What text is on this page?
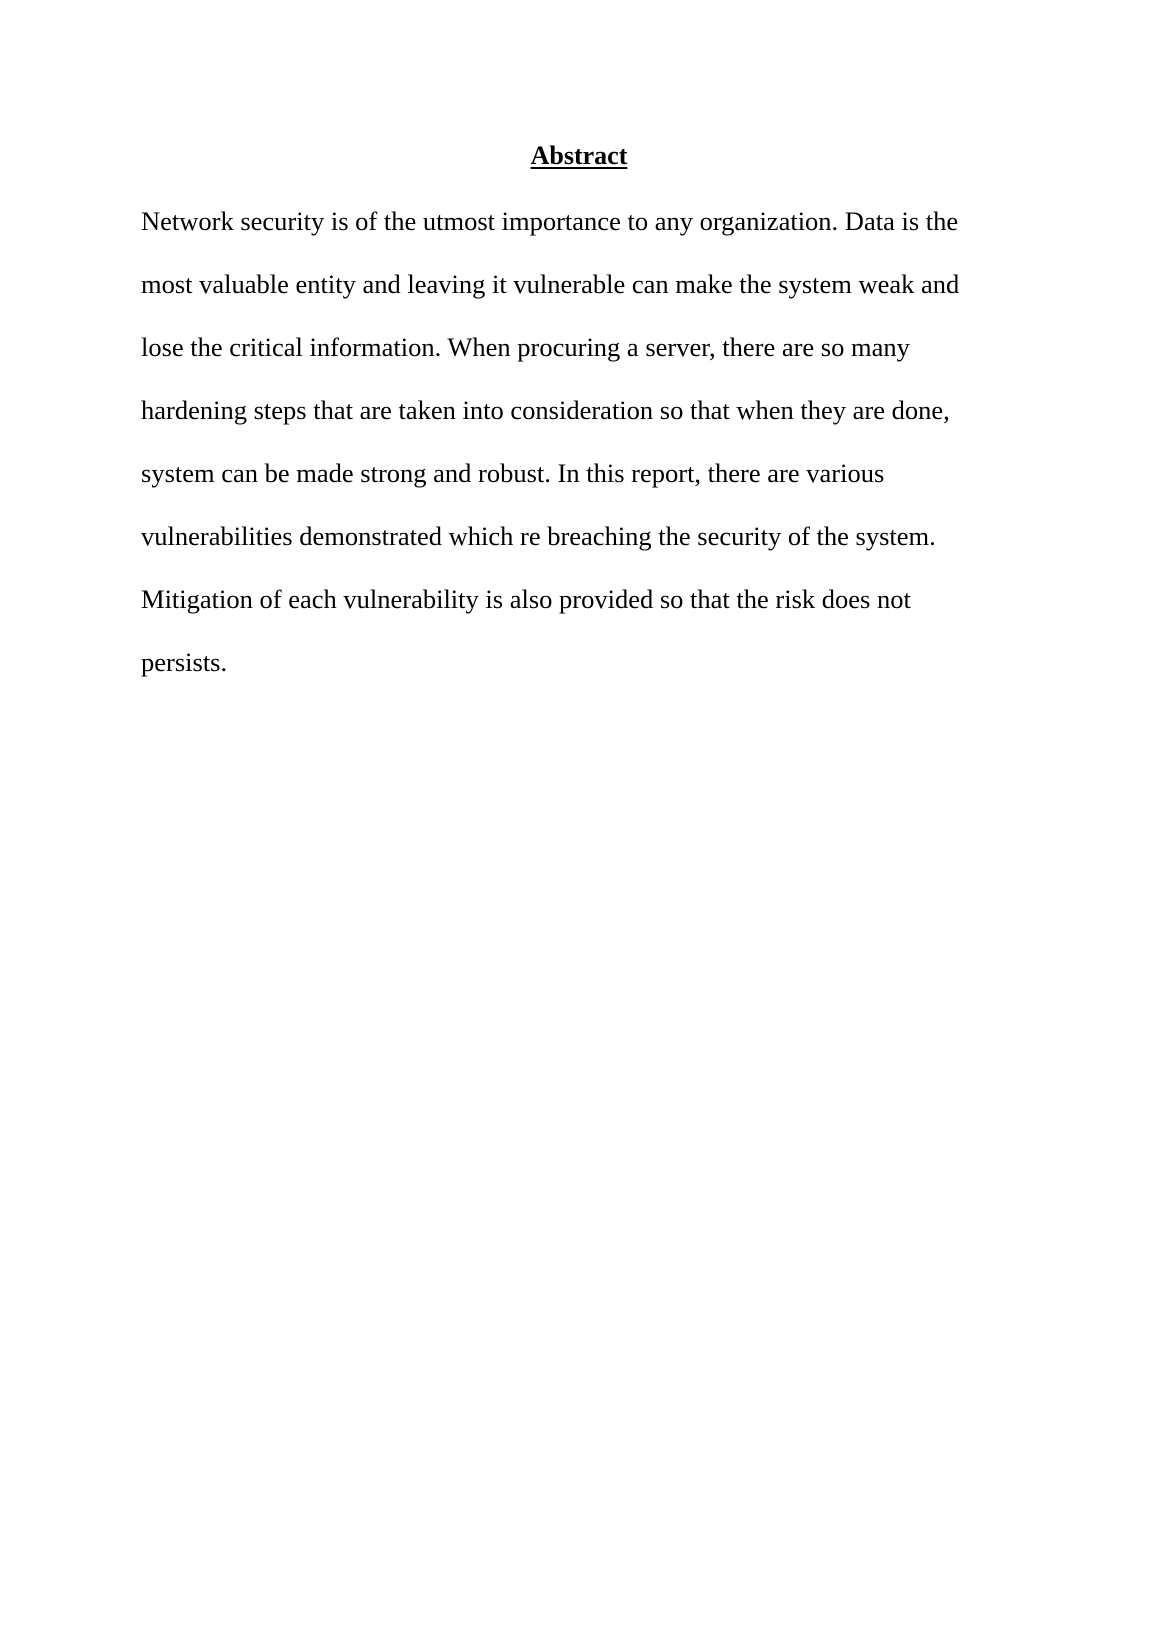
Abstract
Network security is of the utmost importance to any organization. Data is the
most valuable entity and leaving it vulnerable can make the system weak and
lose the critical information. When procuring a server, there are so many
hardening steps that are taken into consideration so that when they are done,
system can be made strong and robust. In this report, there are various
vulnerabilities demonstrated which re breaching the security of the system.
Mitigation of each vulnerability is also provided so that the risk does not
persists.
